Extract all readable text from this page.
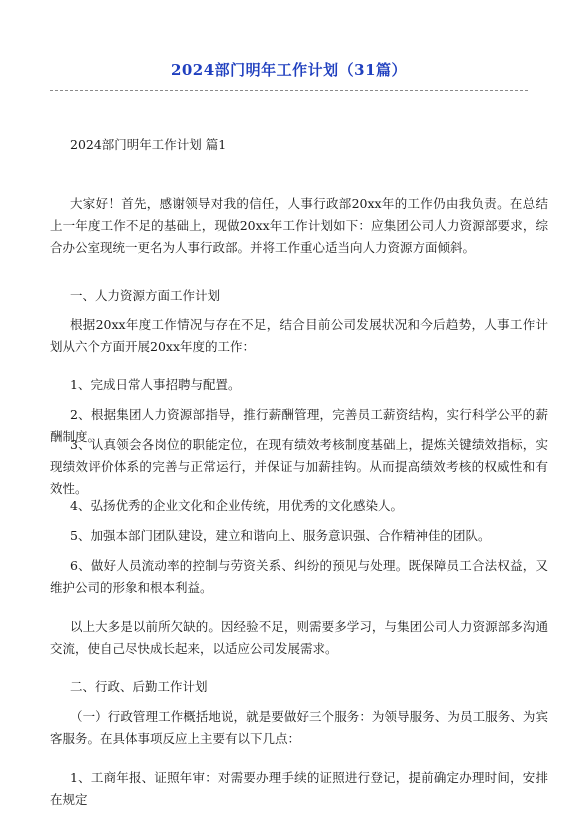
2024部门明年工作计划（31篇）
2024部门明年工作计划 篇1
大家好！首先，感谢领导对我的信任，人事行政部20xx年的工作仍由我负责。在总结上一年度工作不足的基础上，现做20xx年工作计划如下：应集团公司人力资源部要求，综合办公室现统一更名为人事行政部。并将工作重心适当向人力资源方面倾斜。
一、人力资源方面工作计划
根据20xx年度工作情况与存在不足，结合目前公司发展状况和今后趋势，人事工作计划从六个方面开展20xx年度的工作：
1、完成日常人事招聘与配置。
2、根据集团人力资源部指导，推行薪酬管理，完善员工薪资结构，实行科学公平的薪酬制度。
3、认真领会各岗位的职能定位，在现有绩效考核制度基础上，提炼关键绩效指标，实现绩效评价体系的完善与正常运行，并保证与加薪挂钩。从而提高绩效考核的权威性和有效性。
4、弘扬优秀的企业文化和企业传统，用优秀的文化感染人。
5、加强本部门团队建设，建立和谐向上、服务意识强、合作精神佳的团队。
6、做好人员流动率的控制与劳资关系、纠纷的预见与处理。既保障员工合法权益，又维护公司的形象和根本利益。
以上大多是以前所欠缺的。因经验不足，则需要多学习，与集团公司人力资源部多沟通交流，使自己尽快成长起来，以适应公司发展需求。
二、行政、后勤工作计划
（一）行政管理工作概括地说，就是要做好三个服务：为领导服务、为员工服务、为宾客服务。在具体事项反应上主要有以下几点：
1、工商年报、证照年审：对需要办理手续的证照进行登记，提前确定办理时间，安排在规定
